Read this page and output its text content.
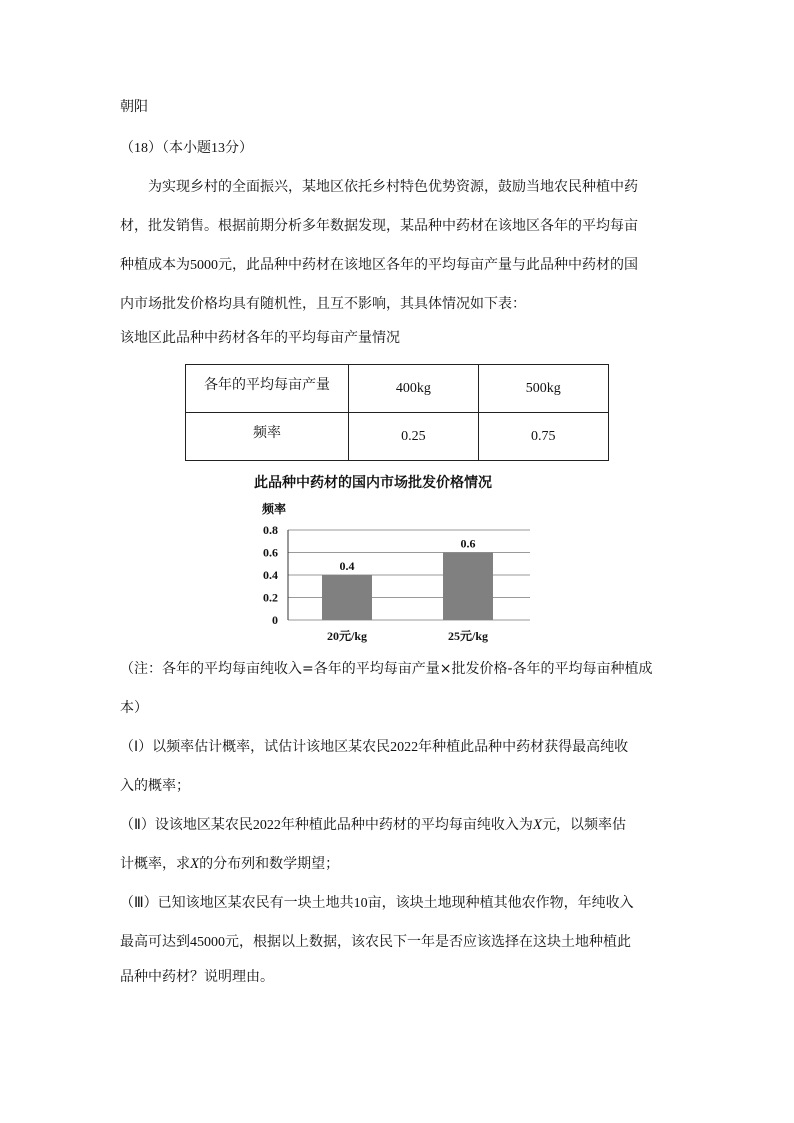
朝阳
（18）（本小题13分）
为实现乡村的全面振兴，某地区依托乡村特色优势资源，鼓励当地农民种植中药
材，批发销售。根据前期分析多年数据发现，某品种中药材在该地区各年的平均每亩
种植成本为5000元，此品种中药材在该地区各年的平均每亩产量与此品种中药材的国
内市场批发价格均具有随机性，且互不影响，其具体情况如下表：
该地区此品种中药材各年的平均每亩产量情况
各年的平均每亩产量	400kg	500kg
频率	0.25	0.75
此品种中药材的国内市场批发价格情况
频率
0
0.2
0.4
0.6
0.8
0.4
20元/kg
0.6
25元/kg
（注：各年的平均每亩纯收入=各年的平均每亩产量×批发价格-各年的平均每亩种植成
本）
（Ⅰ）以频率估计概率，试估计该地区某农民2022年种植此品种中药材获得最高纯收
入的概率；
（Ⅱ）设该地区某农民2022年种植此品种中药材的平均每亩纯收入为X元，以频率估
计概率，求X的分布列和数学期望；
（Ⅲ）已知该地区某农民有一块土地共10亩，该块土地现种植其他农作物，年纯收入
最高可达到45000元，根据以上数据，该农民下一年是否应该选择在这块土地种植此
品种中药材？说明理由。
